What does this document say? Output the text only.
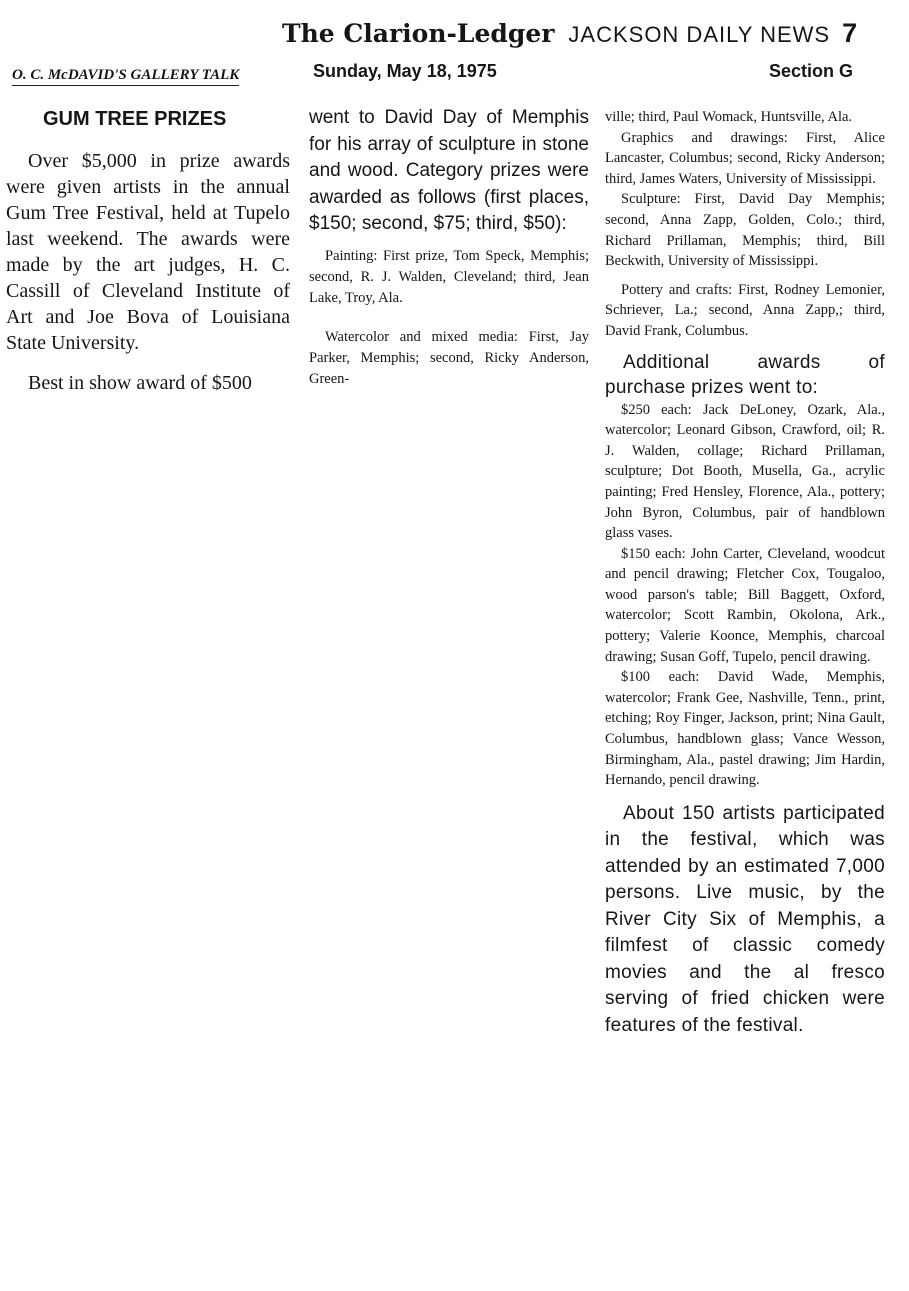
The Clarion-Ledger JACKSON DAILY NEWS 7
O. C. McDAVID'S GALLERY TALK	Sunday, May 18, 1975	Section G
GUM TREE PRIZES

Over $5,000 in prize awards were given artists in the annual Gum Tree Festival, held at Tupelo last weekend. The awards were made by the art judges, H. C. Cassill of Cleveland Institute of Art and Joe Bova of Louisiana State University.

Best in show award of $500

went to David Day of Memphis for his array of sculpture in stone and wood. Category prizes were awarded as follows (first places, $150; second, $75; third, $50):

Painting: First prize, Tom Speck, Memphis; second, R. J. Walden, Cleveland; third, Jean Lake, Troy, Ala.

Watercolor and mixed media: First, Jay Parker, Memphis; second, Ricky Anderson, Green-

ville; third, Paul Womack, Huntsville, Ala.

Graphics and drawings: First, Alice Lancaster, Columbus; second, Ricky Anderson; third, James Waters, University of Mississippi.

Sculpture: First, David Day Memphis; second, Anna Zapp, Golden, Colo.; third, Richard Prillaman, Memphis; third, Bill Beckwith, University of Mississippi.

Pottery and crafts: First, Rodney Lemonier, Schriever, La.; second, Anna Zapp,; third, David Frank, Columbus.

Additional awards of purchase prizes went to:

$250 each: Jack DeLoney, Ozark, Ala., watercolor; Leonard Gibson, Crawford, oil; R. J. Walden, collage; Richard Prillaman, sculpture; Dot Booth, Musella, Ga., acrylic painting; Fred Hensley, Florence, Ala., pottery; John Byron, Columbus, pair of handblown glass vases.

$150 each: John Carter, Cleveland, woodcut and pencil drawing; Fletcher Cox, Tougaloo, wood parson's table; Bill Baggett, Oxford, watercolor; Scott Rambin, Okolona, Ark., pottery; Valerie Koonce, Memphis, charcoal drawing; Susan Goff, Tupelo, pencil drawing.

$100 each: David Wade, Memphis, watercolor; Frank Gee, Nashville, Tenn., print, etching; Roy Finger, Jackson, print; Nina Gault, Columbus, handblown glass; Vance Wesson, Birmingham, Ala., pastel drawing; Jim Hardin, Hernando, pencil drawing.

About 150 artists participated in the festival, which was attended by an estimated 7,000 persons. Live music, by the River City Six of Memphis, a filmfest of classic comedy movies and the al fresco serving of fried chicken were features of the festival.
